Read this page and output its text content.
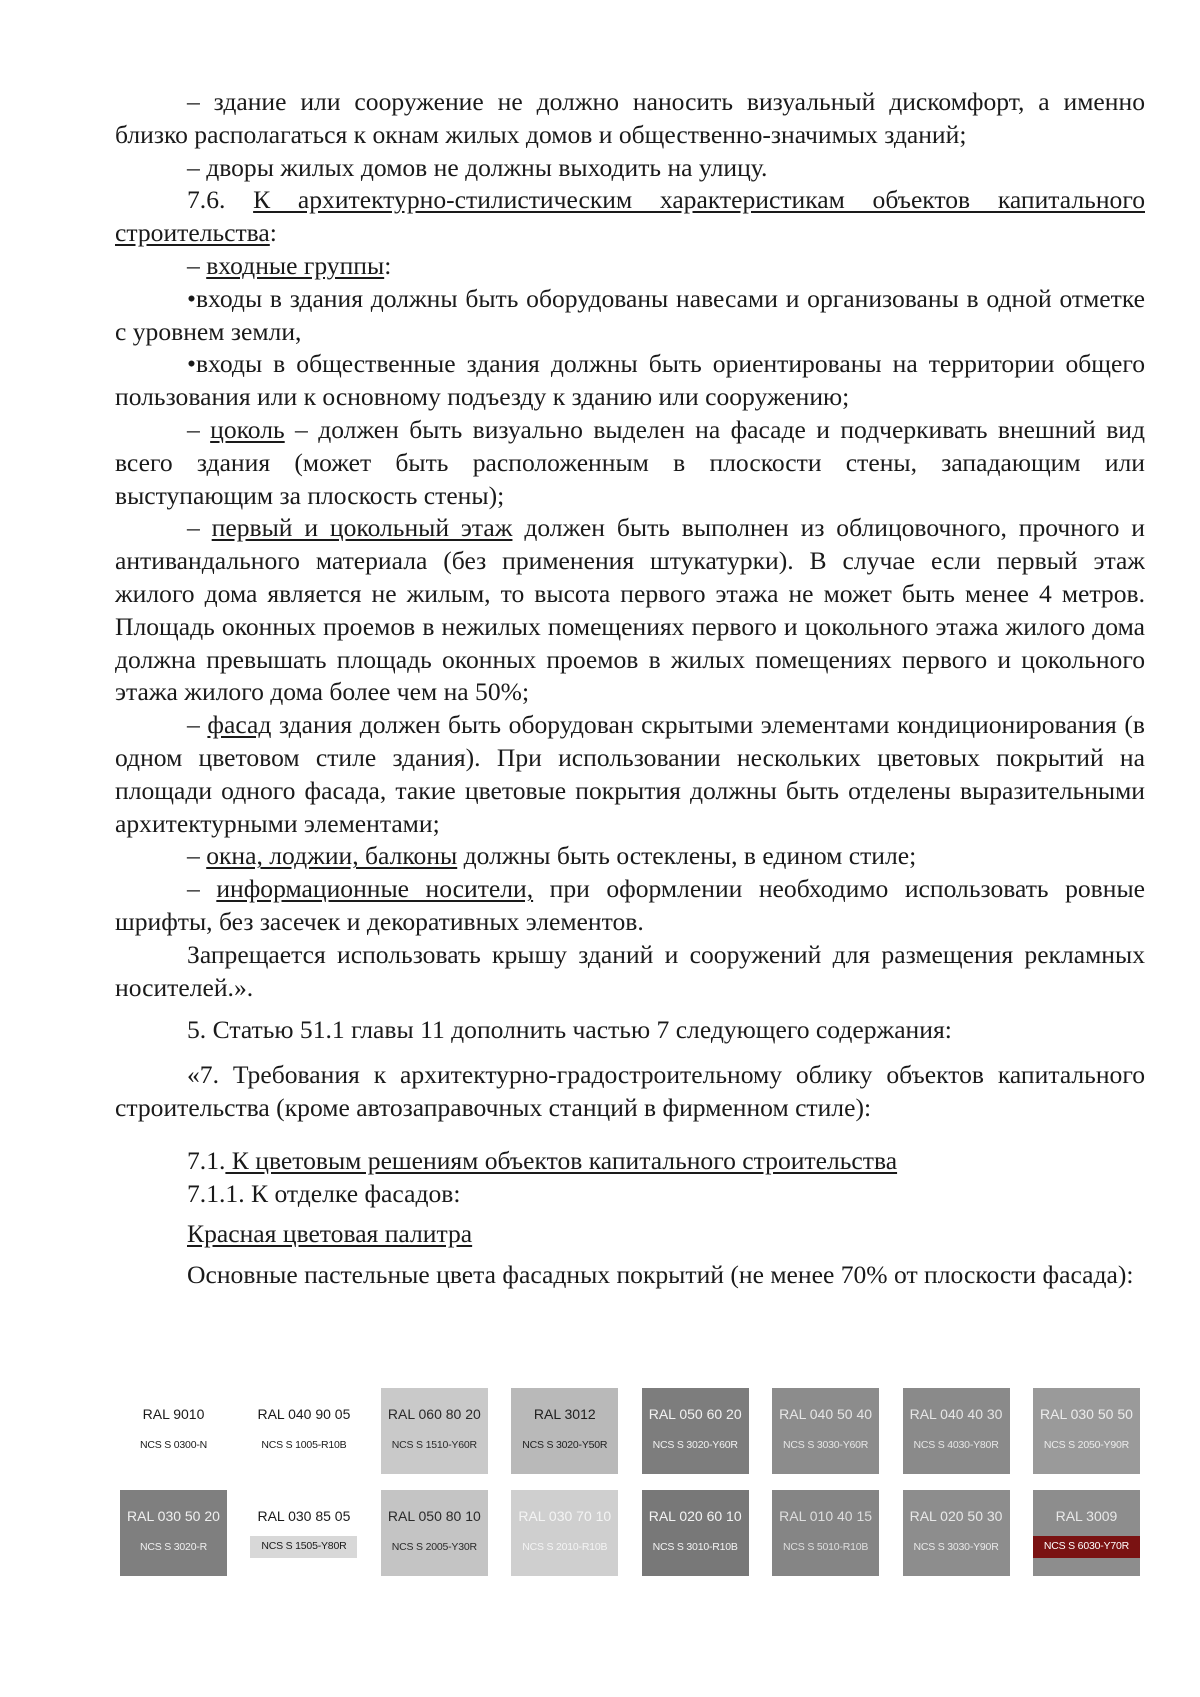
– здание или сооружение не должно наносить визуальный дискомфорт, а именно близко располагаться к окнам жилых домов и общественно-значимых зданий;

– дворы жилых домов не должны выходить на улицу.

7.6. К архитектурно-стилистическим характеристикам объектов капитального строительства:

– входные группы:

•входы в здания должны быть оборудованы навесами и организованы в одной отметке с уровнем земли,

•входы в общественные здания должны быть ориентированы на территории общего пользования или к основному подъезду к зданию или сооружению;

– цоколь – должен быть визуально выделен на фасаде и подчеркивать внешний вид всего здания (может быть расположенным в плоскости стены, западающим или выступающим за плоскость стены);

– первый и цокольный этаж должен быть выполнен из облицовочного, прочного и антивандального материала (без применения штукатурки). В случае если первый этаж жилого дома является не жилым, то высота первого этажа не может быть менее 4 метров. Площадь оконных проемов в нежилых помещениях первого и цокольного этажа жилого дома должна превышать площадь оконных проемов в жилых помещениях первого и цокольного этажа жилого дома более чем на 50%;

– фасад здания должен быть оборудован скрытыми элементами кондиционирования (в одном цветовом стиле здания). При использовании нескольких цветовых покрытий на площади одного фасада, такие цветовые покрытия должны быть отделены выразительными архитектурными элементами;

– окна, лоджии, балконы должны быть остеклены, в едином стиле;

– информационные носители, при оформлении необходимо использовать ровные шрифты, без засечек и декоративных элементов.

Запрещается использовать крышу зданий и сооружений для размещения рекламных носителей.».

5. Статью 51.1 главы 11 дополнить частью 7 следующего содержания:

«7. Требования к архитектурно-градостроительному облику объектов капитального строительства (кроме автозаправочных станций в фирменном стиле):

7.1. К цветовым решениям объектов капитального строительства

7.1.1. К отделке фасадов:

Красная цветовая палитра

Основные пастельные цвета фасадных покрытий (не менее 70% от плоскости фасада):

RAL 9010
NCS S 0300-N
RAL 040 90 05
NCS S 1005-R10B
RAL 060 80 20
NCS S 1510-Y60R
RAL 3012
NCS S 3020-Y50R
RAL 050 60 20
NCS S 3020-Y60R
RAL 040 50 40
NCS S 3030-Y60R
RAL 040 40 30
NCS S 4030-Y80R
RAL 030 50 50
NCS S 2050-Y90R
RAL 030 50 20
NCS S 3020-R
RAL 030 85 05
NCS S 1505-Y80R
RAL 050 80 10
NCS S 2005-Y30R
RAL 030 70 10
NCS S 2010-R10B
RAL 020 60 10
NCS S 3010-R10B
RAL 010 40 15
NCS S 5010-R10B
RAL 020 50 30
NCS S 3030-Y90R
RAL 3009
NCS S 6030-Y70R
